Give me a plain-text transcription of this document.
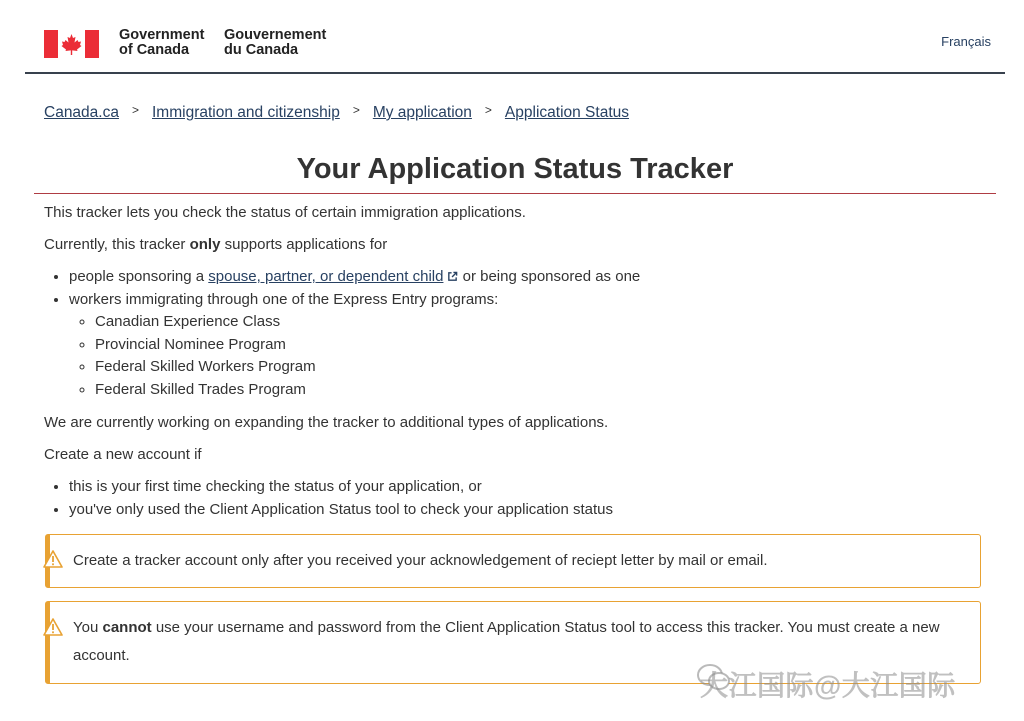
Government
of Canada
Gouvernement
du Canada
Français
Canada.ca > Immigration and citizenship > My application > Application Status
Your Application Status Tracker
This tracker lets you check the status of certain immigration applications.
Currently, this tracker only supports applications for
• people sponsoring a spouse, partner, or dependent child or being sponsored as one
• workers immigrating through one of the Express Entry programs:
◦ Canadian Experience Class
◦ Provincial Nominee Program
◦ Federal Skilled Workers Program
◦ Federal Skilled Trades Program
We are currently working on expanding the tracker to additional types of applications.
Create a new account if
• this is your first time checking the status of your application, or
• you've only used the Client Application Status tool to check your application status
Create a tracker account only after you received your acknowledgement of reciept letter by mail or email.
You cannot use your username and password from the Client Application Status tool to access this tracker. You must create a new account.
大江国际@大江国际
